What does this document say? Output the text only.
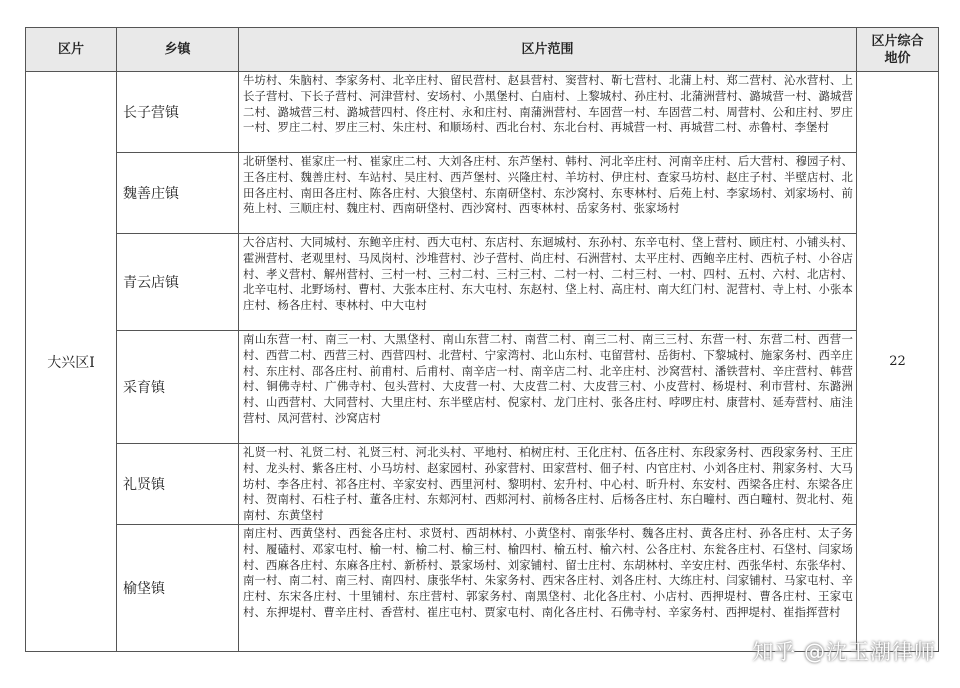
区片	乡镇	区片范围	区片综合
地价
大兴区Ⅰ	长子营镇	牛坊村、朱脑村、李家务村、北辛庄村、留民营村、赵县营村、窦营村、靳七营村、北蒲上村、郑二营村、沁水营村、上长子营村、下长子营村、河津营村、安场村、小黑堡村、白庙村、上黎城村、孙庄村、北蒲洲营村、潞城营一村、潞城营二村、潞城营三村、潞城营四村、佟庄村、永和庄村、南蒲洲营村、车固营一村、车固营二村、周营村、公和庄村、罗庄一村、罗庄二村、罗庄三村、朱庄村、和顺场村、西北台村、东北台村、再城营一村、再城营二村、赤鲁村、李堡村	22
	魏善庄镇	北研堡村、崔家庄一村、崔家庄二村、大刘各庄村、东芦堡村、韩村、河北辛庄村、河南辛庄村、后大营村、穆园子村、王各庄村、魏善庄村、车站村、吴庄村、西芦堡村、兴隆庄村、羊坊村、伊庄村、查家马坊村、赵庄子村、半壁店村、北田各庄村、南田各庄村、陈各庄村、大狼垡村、东南研垡村、东沙窝村、东枣林村、后苑上村、李家场村、刘家场村、前苑上村、三顺庄村、魏庄村、西南研垡村、西沙窝村、西枣林村、岳家务村、张家场村	
	青云店镇	大谷店村、大同城村、东鲍辛庄村、西大屯村、东店村、东迴城村、东孙村、东辛屯村、垡上营村、顾庄村、小铺头村、霍洲营村、老观里村、马凤岗村、沙堆营村、沙子营村、尚庄村、石洲营村、太平庄村、西鲍辛庄村、西杭子村、小谷店村、孝义营村、解州营村、三村一村、三村二村、三村三村、二村一村、二村三村、一村、四村、五村、六村、北店村、北辛屯村、北野场村、曹村、大张本庄村、东大屯村、东赵村、垡上村、高庄村、南大红门村、泥营村、寺上村、小张本庄村、杨各庄村、枣林村、中大屯村	
	采育镇	南山东营一村、南三一村、大黑垡村、南山东营二村、南营二村、南三二村、南三三村、东营一村、东营二村、西营一村、西营二村、西营三村、西营四村、北营村、宁家湾村、北山东村、屯留营村、岳街村、下黎城村、施家务村、西辛庄村、东庄村、邵各庄村、前甫村、后甫村、南辛店一村、南辛店二村、北辛庄村、沙窝营村、潘铁营村、辛庄营村、韩营村、铜佛寺村、广佛寺村、包头营村、大皮营一村、大皮营二村、大皮营三村、小皮营村、杨堤村、利市营村、东潞洲村、山西营村、大同营村、大里庄村、东半壁店村、倪家村、龙门庄村、张各庄村、哱啰庄村、康营村、延寿营村、庙洼营村、凤河营村、沙窝店村	
	礼贤镇	礼贤一村、礼贤二村、礼贤三村、河北头村、平地村、柏树庄村、王化庄村、伍各庄村、东段家务村、西段家务村、王庄村、龙头村、紫各庄村、小马坊村、赵家园村、孙家营村、田家营村、佃子村、内官庄村、小刘各庄村、荆家务村、大马坊村、李各庄村、祁各庄村、辛家安村、西里河村、黎明村、宏升村、中心村、昕升村、东安村、西梁各庄村、东梁各庄村、贺南村、石柱子村、董各庄村、东郏河村、西郏河村、前杨各庄村、后杨各庄村、东白疃村、西白疃村、贺北村、苑南村、东黄垡村	
	榆垡镇	南庄村、西黄垡村、西瓮各庄村、求贤村、西胡林村、小黄垡村、南张华村、魏各庄村、黄各庄村、孙各庄村、太子务村、履磕村、邓家屯村、榆一村、榆二村、榆三村、榆四村、榆五村、榆六村、公各庄村、东瓮各庄村、石垡村、闫家场村、西麻各庄村、东麻各庄村、新桥村、景家场村、刘家铺村、留士庄村、东胡林村、辛安庄村、西张华村、东张华村、南一村、南二村、南三村、南四村、康张华村、朱家务村、西宋各庄村、刘各庄村、大练庄村、闫家铺村、马家屯村、辛庄村、东宋各庄村、十里铺村、东庄营村、郭家务村、南黑垡村、北化各庄村、小店村、西押堤村、曹各庄村、王家屯村、东押堤村、曹辛庄村、香营村、崔庄屯村、贾家屯村、南化各庄村、石佛寺村、辛家务村、西押堤村、崔指挥营村	
知乎 @沈玉潮律师
